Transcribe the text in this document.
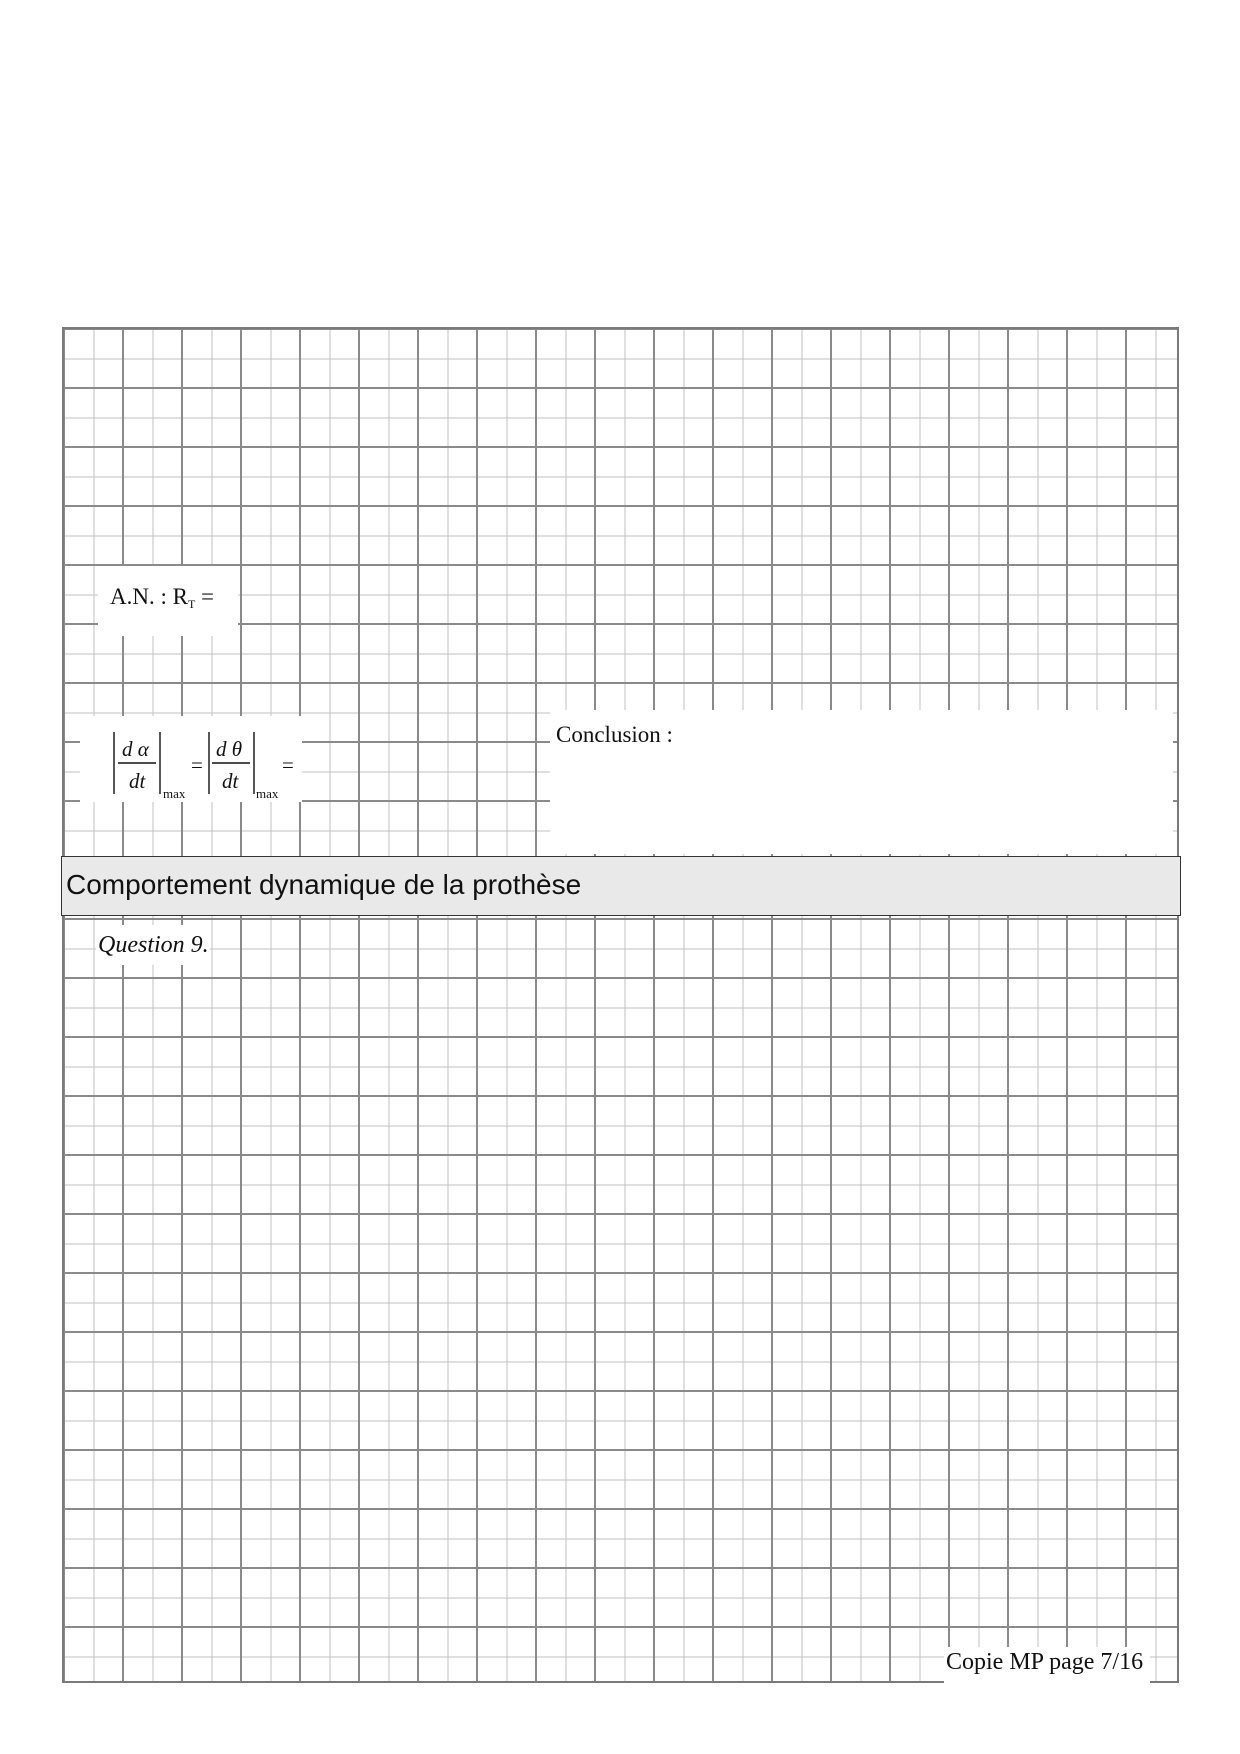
A.N. : $R_T$ =
d α
dt
max
=
d θ
dt
max
=
Conclusion :
Comportement dynamique de la prothèse
Question 9.
Copie MP page 7/16
